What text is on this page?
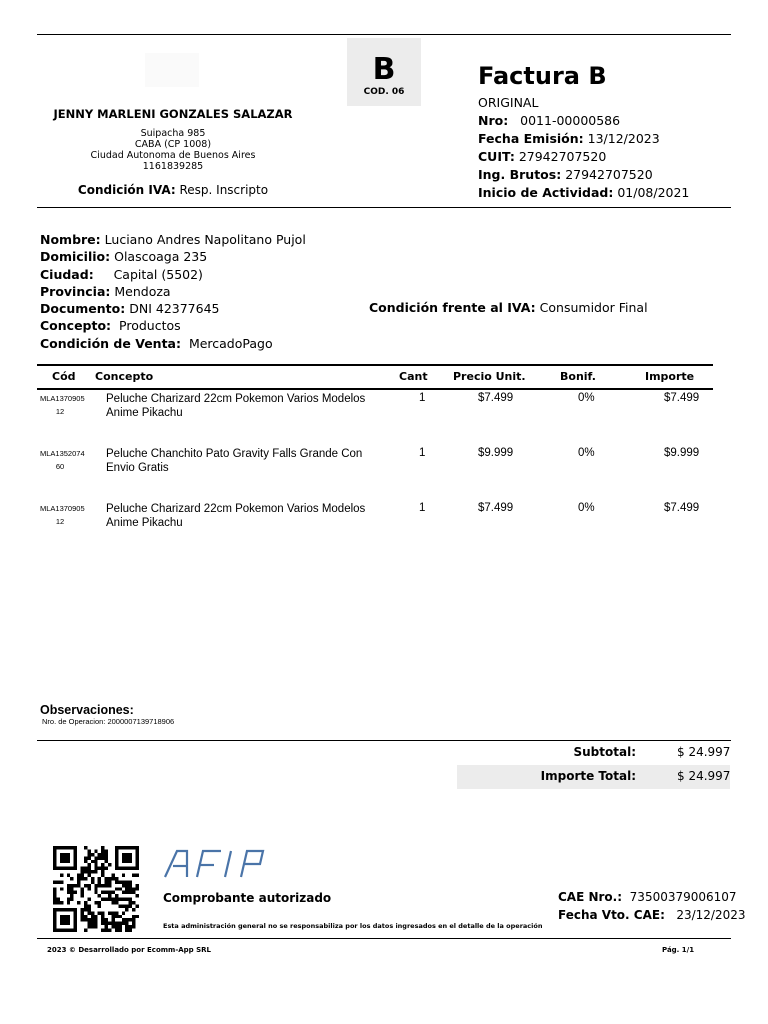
B
COD. 06
JENNY MARLENI GONZALES SALAZAR
Suipacha 985
CABA (CP 1008)
Ciudad Autonoma de Buenos Aires
1161839285
Condición IVA: Resp. Inscripto
Factura B
ORIGINAL
Nro: 0011-00000586
Fecha Emisión: 13/12/2023
CUIT: 27942707520
Ing. Brutos: 27942707520
Inicio de Actividad: 01/08/2021
Nombre: Luciano Andres Napolitano Pujol
Domicilio: Olascoaga 235
Ciudad: Capital (5502)
Provincia: Mendoza
Documento: DNI 42377645
Concepto: Productos
Condición de Venta: MercadoPago
Condición frente al IVA: Consumidor Final
Cód Concepto	Cant Precio Unit.	Bonif.	Importe
MLA1370905
12
Peluche Charizard 22cm Pokemon Varios Modelos Anime Pikachu
1	$7.499	0%	$7.499
MLA1352074
60
Peluche Chanchito Pato Gravity Falls Grande Con Envio Gratis
1	$9.999	0%	$9.999
MLA1370905
12
Peluche Charizard 22cm Pokemon Varios Modelos Anime Pikachu
1	$7.499	0%	$7.499
Observaciones:
Nro. de Operacion: 2000007139718906
Subtotal:	$ 24.997
Importe Total:	$ 24.997
Comprobante autorizado
Esta administración general no se responsabiliza por los datos ingresados en el detalle de la operación
CAE Nro.: 73500379006107
Fecha Vto. CAE: 23/12/2023
2023 © Desarrollado por Ecomm-App SRL	Pág. 1/1
